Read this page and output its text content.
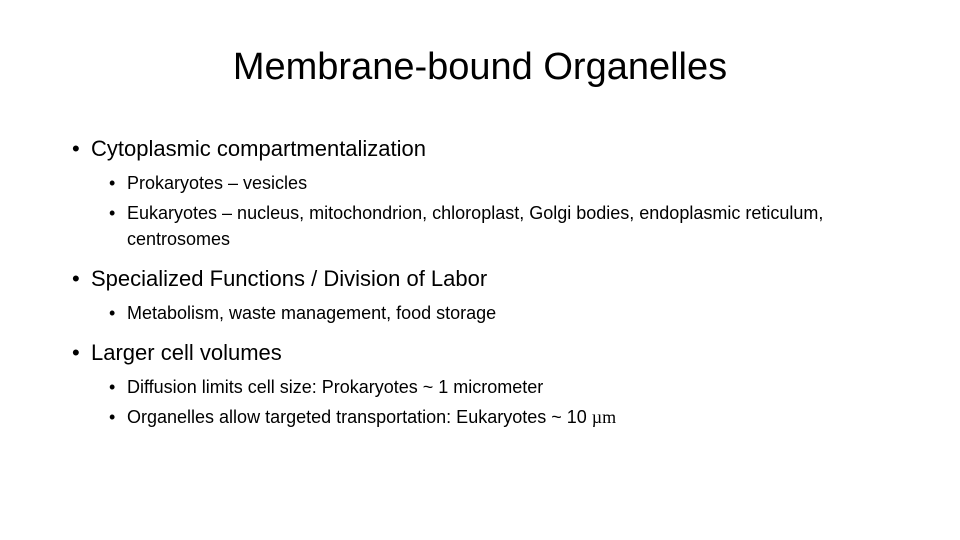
Membrane-bound Organelles
• Cytoplasmic compartmentalization
• Prokaryotes – vesicles
• Eukaryotes – nucleus, mitochondrion, chloroplast, Golgi bodies, endoplasmic reticulum, centrosomes
• Specialized Functions / Division of Labor
• Metabolism, waste management, food storage
• Larger cell volumes
• Diffusion limits cell size: Prokaryotes ~ 1 micrometer
• Organelles allow targeted transportation: Eukaryotes ~ 10 µm
